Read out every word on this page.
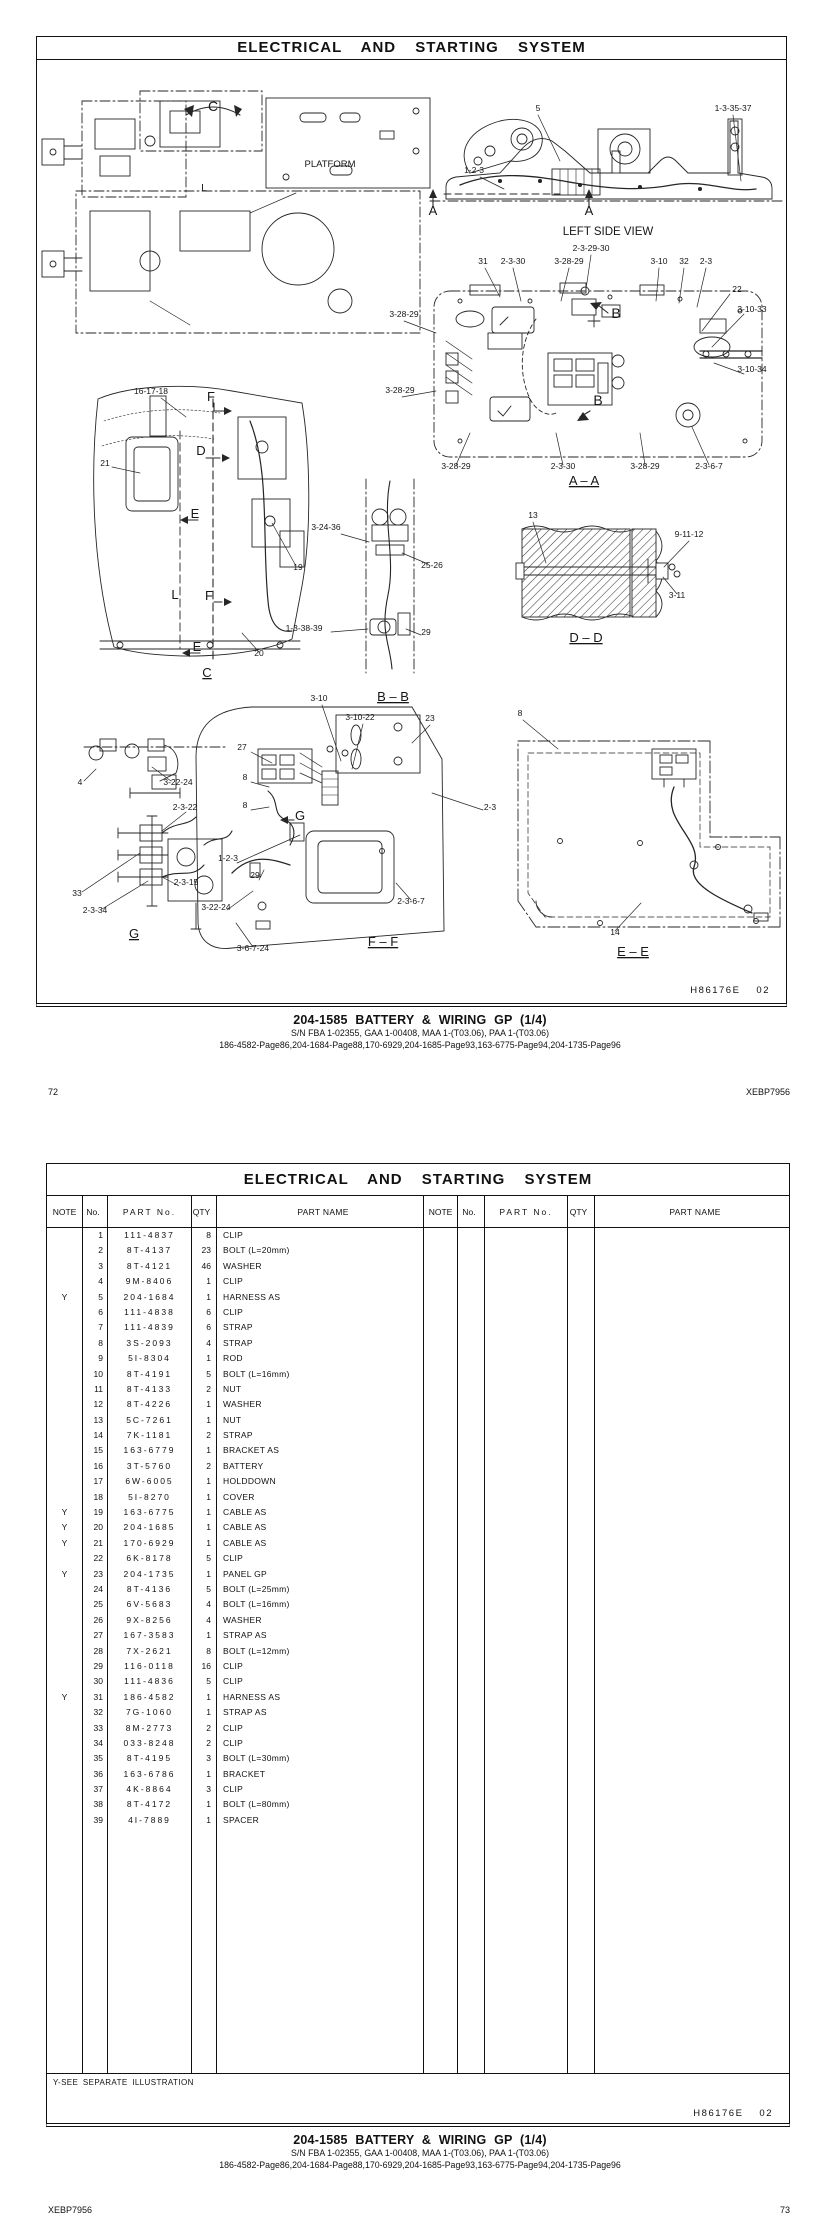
ELECTRICAL AND STARTING SYSTEM
C
PLATFORM
L
A	A
5	1-3-35-37
1-2-3
LEFT SIDE VIEW
2-3-29-30
31 2-3-30	3-28-29	3-10 32 2-3
22
3-10-33
3-10-34
B
B
3-28-29
3-28-29
3-28-29	2-3-30	3-28-29	2-3-6-7
A – A
3-24-36
25-26
1-3-38-39	29
B – B
16-17-18	F
21
D
E
19
L F
E	20
C
13
9-11-12
3-11
D – D
4	3-22-24
2-3-22
2-3-15
33
2-3-34
G
3-10
3-10-22	23
27
8
8
G
1-2-3
29
3-22-24
2-3
2-3-6-7
3-6-7-24	F – F
8
14
E – E
H86176E 02
204-1585 BATTERY & WIRING GP (1/4)
S/N FBA 1-02355, GAA 1-00408, MAA 1-(T03.06), PAA 1-(T03.06)
186-4582-Page86,204-1684-Page88,170-6929,204-1685-Page93,163-6775-Page94,204-1735-Page96
72	XEBP7956
ELECTRICAL AND STARTING SYSTEM
NOTE	No.	PART No.	QTY	PART NAME	NOTE	No.	PART No.	QTY	PART NAME
1	111-4837	8	CLIP
2	8T-4137	23	BOLT (L=20mm)
3	8T-4121	46	WASHER
4	9M-8406	1	CLIP
Y	5	204-1684	1	HARNESS AS
6	111-4838	6	CLIP
7	111-4839	6	STRAP
8	3S-2093	4	STRAP
9	5I-8304	1	ROD
10	8T-4191	5	BOLT (L=16mm)
11	8T-4133	2	NUT
12	8T-4226	1	WASHER
13	5C-7261	1	NUT
14	7K-1181	2	STRAP
15	163-6779	1	BRACKET AS
16	3T-5760	2	BATTERY
17	6W-6005	1	HOLDDOWN
18	5I-8270	1	COVER
Y	19	163-6775	1	CABLE AS
Y	20	204-1685	1	CABLE AS
Y	21	170-6929	1	CABLE AS
22	6K-8178	5	CLIP
Y	23	204-1735	1	PANEL GP
24	8T-4136	5	BOLT (L=25mm)
25	6V-5683	4	BOLT (L=16mm)
26	9X-8256	4	WASHER
27	167-3583	1	STRAP AS
28	7X-2621	8	BOLT (L=12mm)
29	116-0118	16	CLIP
30	111-4836	5	CLIP
Y	31	186-4582	1	HARNESS AS
32	7G-1060	1	STRAP AS
33	8M-2773	2	CLIP
34	033-8248	2	CLIP
35	8T-4195	3	BOLT (L=30mm)
36	163-6786	1	BRACKET
37	4K-8864	3	CLIP
38	8T-4172	1	BOLT (L=80mm)
39	4I-7889	1	SPACER
Y-SEE SEPARATE ILLUSTRATION
H86176E 02
204-1585 BATTERY & WIRING GP (1/4)
S/N FBA 1-02355, GAA 1-00408, MAA 1-(T03.06), PAA 1-(T03.06)
186-4582-Page86,204-1684-Page88,170-6929,204-1685-Page93,163-6775-Page94,204-1735-Page96
XEBP7956	73
